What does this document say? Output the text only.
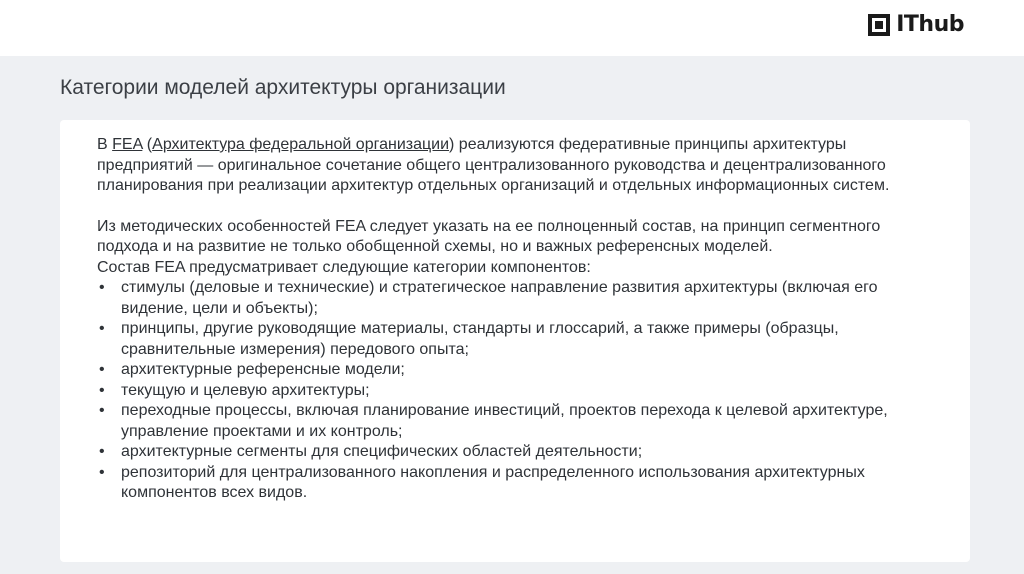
IThub
Категории моделей архитектуры организации

В FEA (Архитектура федеральной организации) реализуются федеративные принципы архитектуры предприятий — оригинальное сочетание общего централизованного руководства и децентрализованного планирования при реализации архитектур отдельных организаций и отдельных информационных систем.

Из методических особенностей FEA следует указать на ее полноценный состав, на принцип сегментного подхода и на развитие не только обобщенной схемы, но и важных референсных моделей.

Состав FEA предусматривает следующие категории компонентов:

• стимулы (деловые и технические) и стратегическое направление развития архитектуры (включая его видение, цели и объекты);
• принципы, другие руководящие материалы, стандарты и глоссарий, а также примеры (образцы, сравнительные измерения) передового опыта;
• архитектурные референсные модели;
• текущую и целевую архитектуры;
• переходные процессы, включая планирование инвестиций, проектов перехода к целевой архитектуре, управление проектами и их контроль;
• архитектурные сегменты для специфических областей деятельности;
• репозиторий для централизованного накопления и распределенного использования архитектурных компонентов всех видов.
